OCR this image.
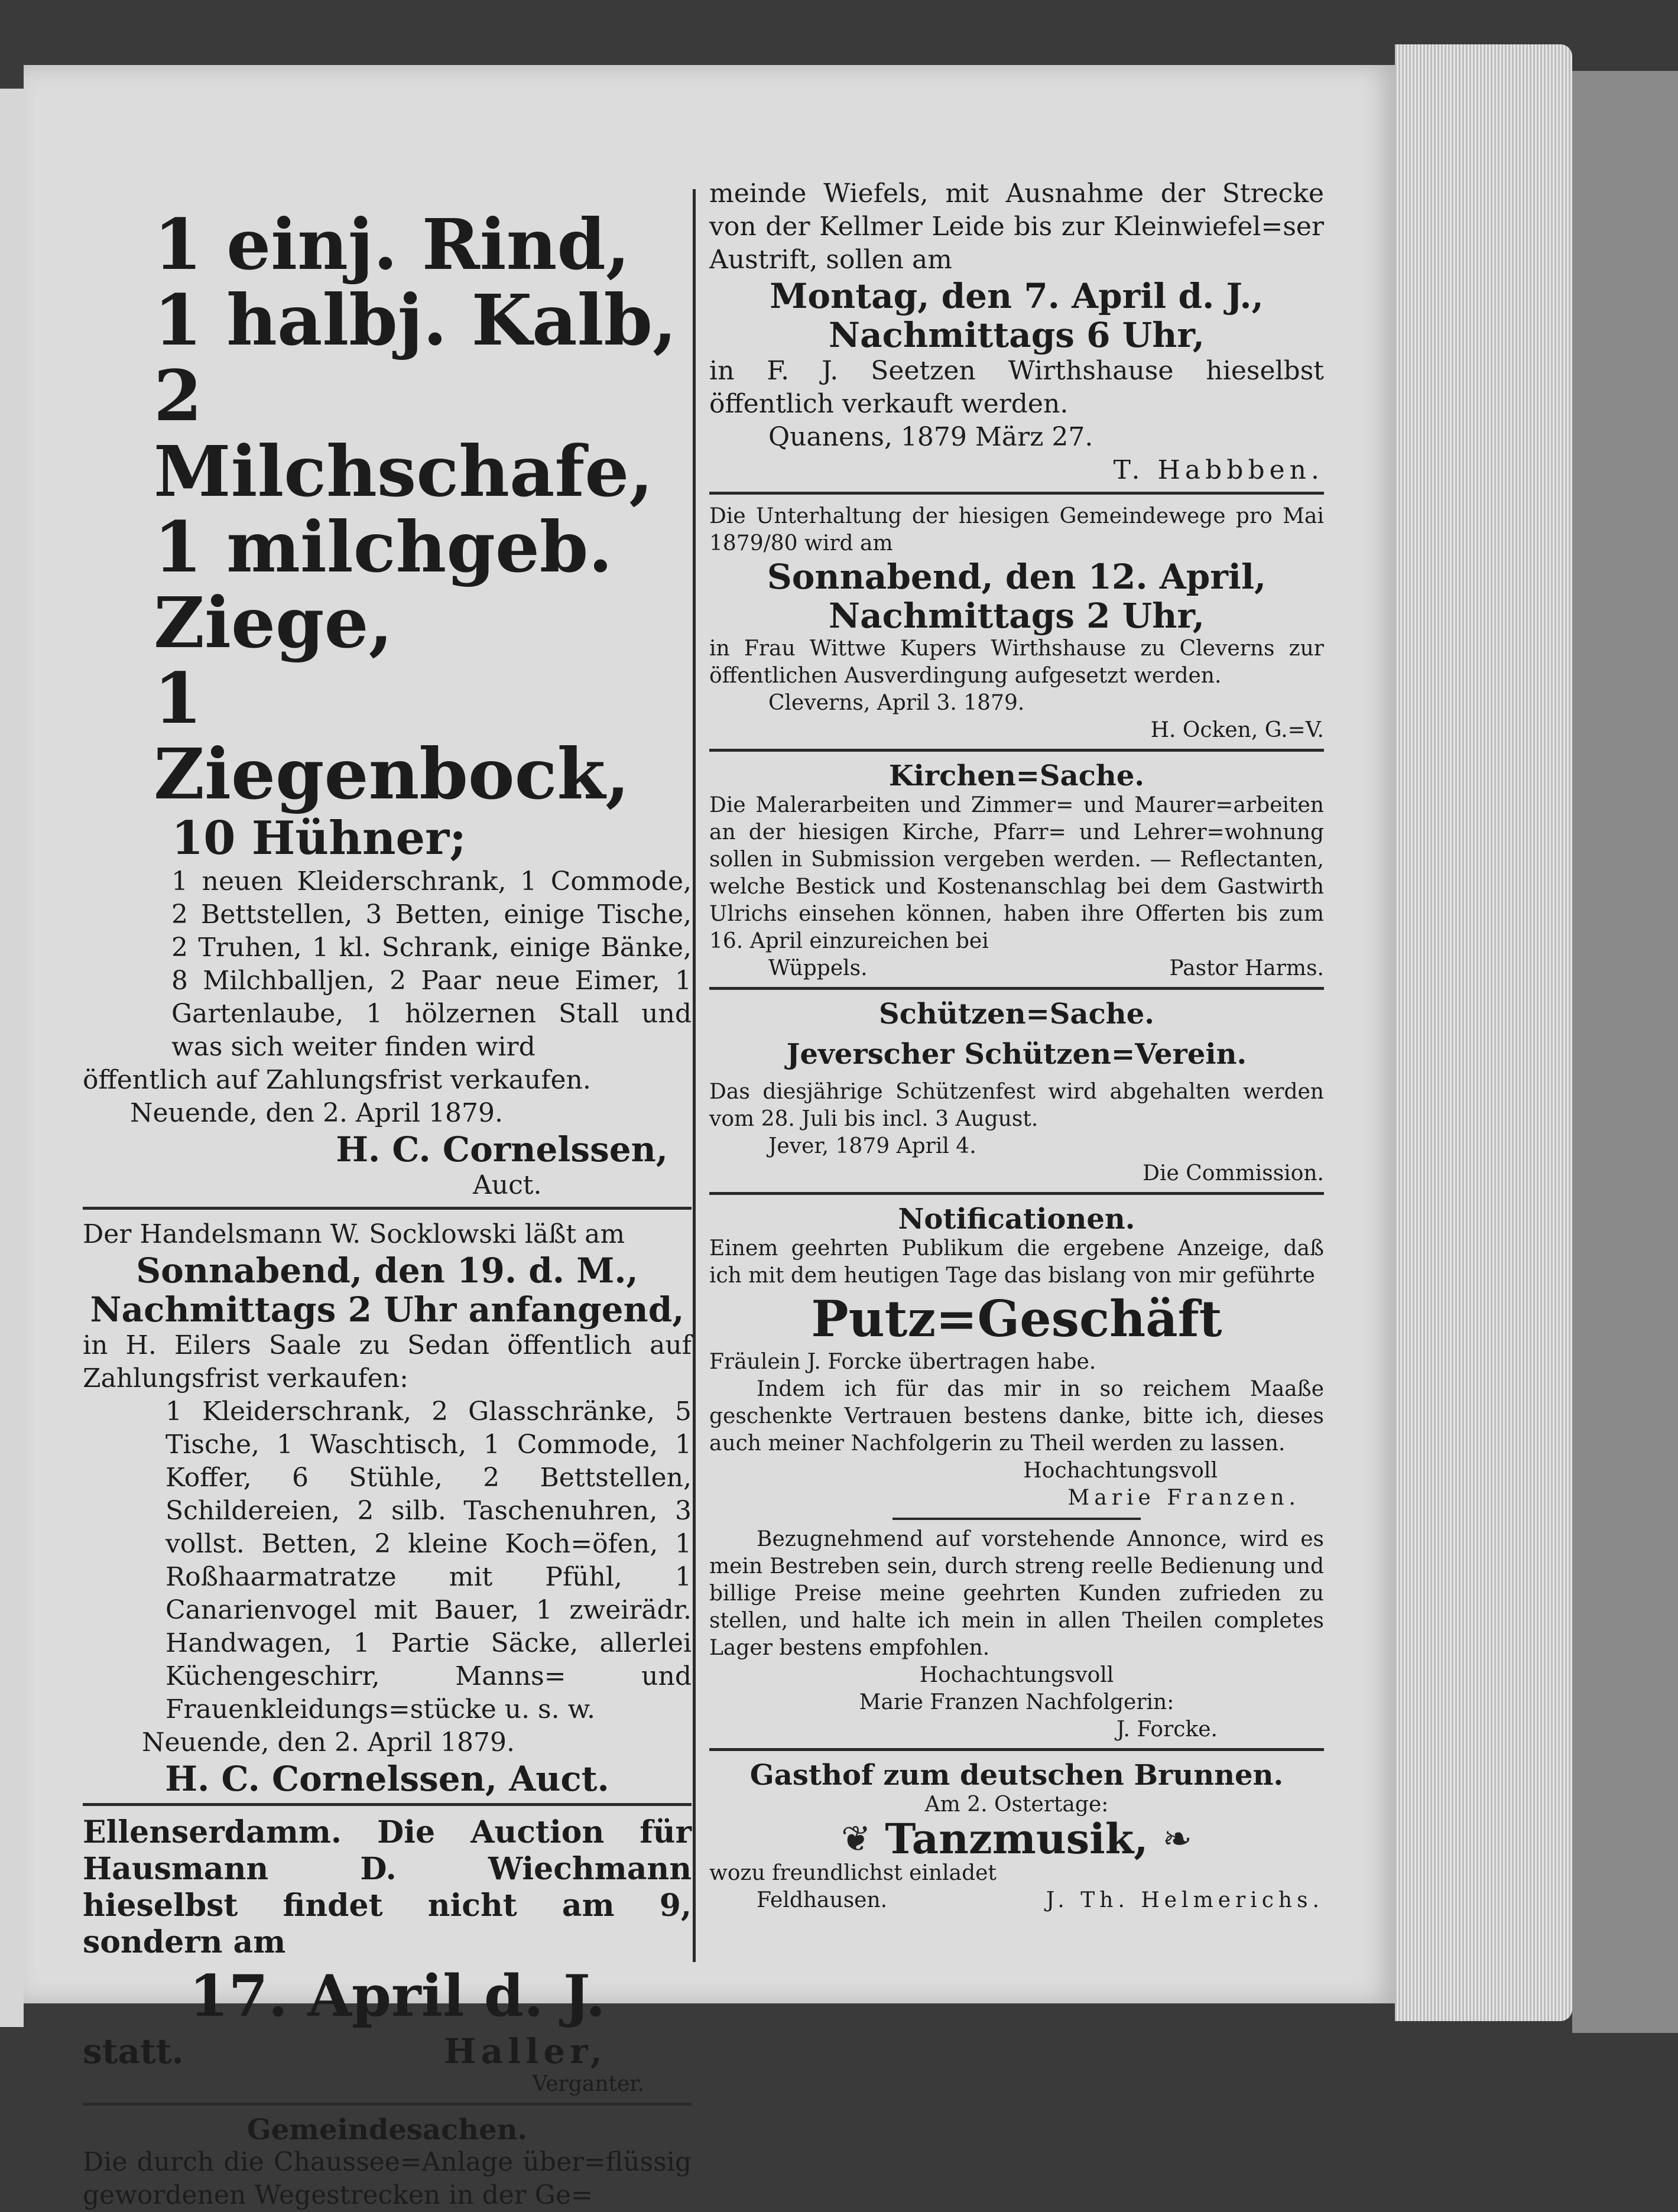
1 einj. Rind,

1 halbj. Kalb,

2 Milchschafe,

1 milchgeb. Ziege,

1 Ziegenbock,

10 Hühner;

1 neuen Kleiderschrank, 1 Commode, 2 Bettstellen, 3 Betten, einige Tische, 2 Truhen, 1 kl. Schrank, einige Bänke, 8 Milchballjen, 2 Paar neue Eimer, 1 Gartenlaube, 1 hölzernen Stall und was sich weiter finden wird

öffentlich auf Zahlungsfrist verkaufen.

Neuende, den 2. April 1879.

H. C. Cornelssen,

Auct.

Der Handelsmann W. Socklowski läßt am

Sonnabend, den 19. d. M.,

Nachmittags 2 Uhr anfangend,

in H. Eilers Saale zu Sedan öffentlich auf Zahlungsfrist verkaufen:

1 Kleiderschrank, 2 Glasschränke, 5 Tische, 1 Waschtisch, 1 Commode, 1 Koffer, 6 Stühle, 2 Bettstellen, Schildereien, 2 silb. Taschenuhren, 3 vollst. Betten, 2 kleine Koch=öfen, 1 Roßhaarmatratze mit Pfühl, 1 Canarienvogel mit Bauer, 1 zweirädr. Handwagen, 1 Partie Säcke, allerlei Küchengeschirr, Manns= und Frauenkleidungs=stücke u. s. w.

Neuende, den 2. April 1879.

H. C. Cornelssen, Auct.

Ellenserdamm. Die Auction für Hausmann D. Wiechmann hieselbst findet nicht am 9, sondern am

17. April d. J.

statt.	Haller,

Verganter.

Gemeindesachen.

Die durch die Chaussee=Anlage über=flüssig gewordenen Wegestrecken in der Ge=

meinde Wiefels, mit Ausnahme der Strecke von der Kellmer Leide bis zur Kleinwiefel=ser Austrift, sollen am

Montag, den 7. April d. J.,

Nachmittags 6 Uhr,

in F. J. Seetzen Wirthshause hieselbst öffentlich verkauft werden.

Quanens, 1879 März 27.

T. Habbben.

Die Unterhaltung der hiesigen Gemeindewege pro Mai 1879/80 wird am

Sonnabend, den 12. April,

Nachmittags 2 Uhr,

in Frau Wittwe Kupers Wirthshause zu Cleverns zur öffentlichen Ausverdingung aufgesetzt werden.

Cleverns, April 3. 1879.

H. Ocken, G.=V.

Kirchen=Sache.

Die Malerarbeiten und Zimmer= und Maurer=arbeiten an der hiesigen Kirche, Pfarr= und Lehrer=wohnung sollen in Submission vergeben werden. — Reflectanten, welche Bestick und Kostenanschlag bei dem Gastwirth Ulrichs einsehen können, haben ihre Offerten bis zum 16. April einzureichen bei

Wüppels.	Pastor Harms.

Schützen=Sache.

Jeverscher Schützen=Verein.

Das diesjährige Schützenfest wird abgehalten werden vom 28. Juli bis incl. 3 August.

Jever, 1879 April 4.

Die Commission.

Notificationen.

Einem geehrten Publikum die ergebene Anzeige, daß ich mit dem heutigen Tage das bislang von mir geführte

Putz=Geschäft

Fräulein J. Forcke übertragen habe.

Indem ich für das mir in so reichem Maaße geschenkte Vertrauen bestens danke, bitte ich, dieses auch meiner Nachfolgerin zu Theil werden zu lassen.

Hochachtungsvoll

Marie Franzen.

Bezugnehmend auf vorstehende Annonce, wird es mein Bestreben sein, durch streng reelle Bedienung und billige Preise meine geehrten Kunden zufrieden zu stellen, und halte ich mein in allen Theilen completes Lager bestens empfohlen.

Hochachtungsvoll

Marie Franzen Nachfolgerin:

J. Forcke.

Gasthof zum deutschen Brunnen.

Am 2. Ostertage:

❦ Tanzmusik, ❧

wozu freundlichst einladet

Feldhausen.	J. Th. Helmerichs.
